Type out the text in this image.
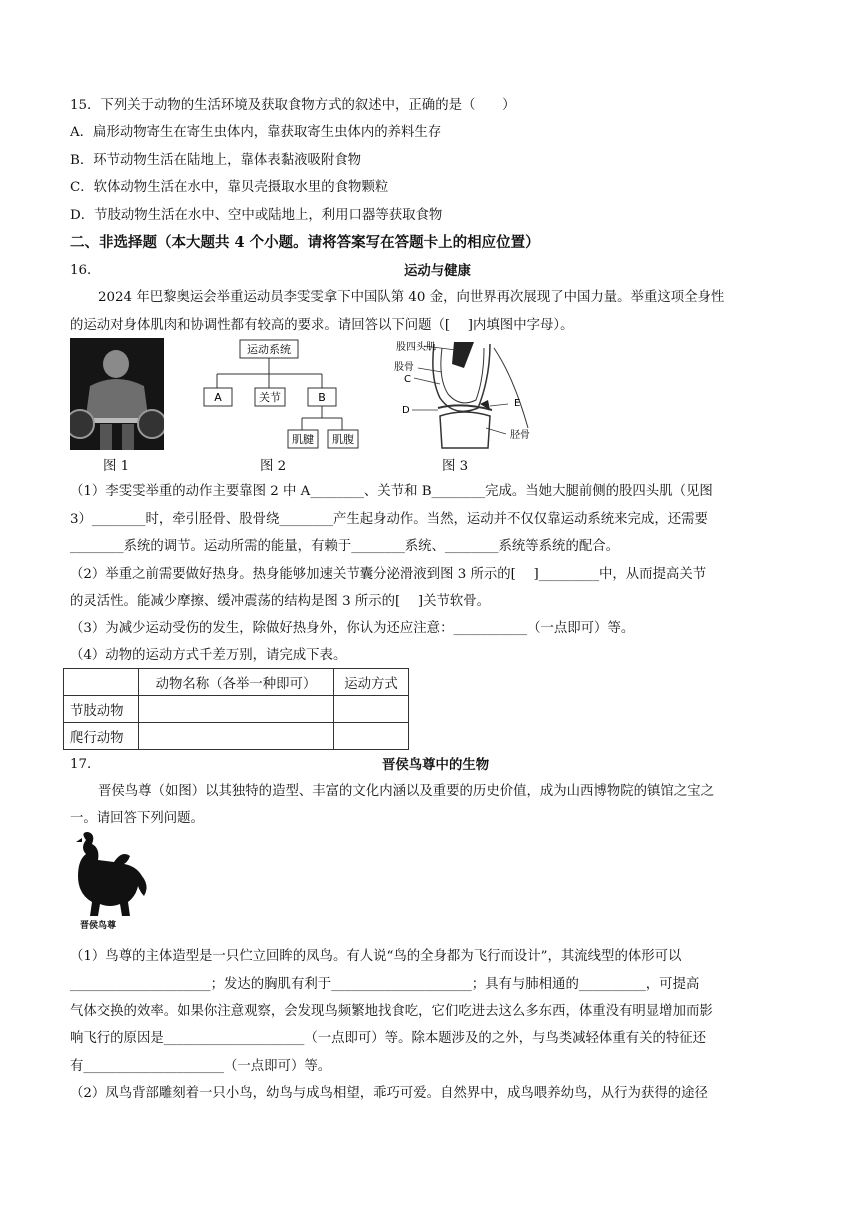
15．下列关于动物的生活环境及获取食物方式的叙述中，正确的是（　　）
A．扁形动物寄生在寄生虫体内，靠获取寄生虫体内的养料生存
B．环节动物生活在陆地上，靠体表黏液吸附食物
C．软体动物生活在水中，靠贝壳摄取水里的食物颗粒
D．节肢动物生活在水中、空中或陆地上，利用口器等获取食物
二、非选择题（本大题共 4 个小题。请将答案写在答题卡上的相应位置）
16．	运动与健康
2024 年巴黎奥运会举重运动员李雯雯拿下中国队第 40 金，向世界再次展现了中国力量。举重这项全身性
的运动对身体肌肉和协调性都有较高的要求。请回答以下问题（[　 ]内填图中字母）。
运动系统
A	关节	B
肌腱 肌腹
股四头肌
股骨
C
D
E
胫骨
图 1	图 2	图 3
（1）李雯雯举重的动作主要靠图 2 中 A________、关节和 B________完成。当她大腿前侧的股四头肌（见图
3）________时，牵引胫骨、股骨绕________产生起身动作。当然，运动并不仅仅靠运动系统来完成，还需要
________系统的调节。运动所需的能量，有赖于________系统、________系统等系统的配合。
（2）举重之前需要做好热身。热身能够加速关节囊分泌滑液到图 3 所示的[　 ]_________中，从而提高关节
的灵活性。能减少摩擦、缓冲震荡的结构是图 3 所示的[　 ]关节软骨。
（3）为减少运动受伤的发生，除做好热身外，你认为还应注意：___________（一点即可）等。
（4）动物的运动方式千差万别，请完成下表。
	动物名称（各举一种即可）	运动方式
节肢动物		
爬行动物		
17．	晋侯鸟尊中的生物
晋侯鸟尊（如图）以其独特的造型、丰富的文化内涵以及重要的历史价值，成为山西博物院的镇馆之宝之
一。请回答下列问题。
晋侯鸟尊
（1）鸟尊的主体造型是一只伫立回眸的凤鸟。有人说“鸟的全身都为飞行而设计”，其流线型的体形可以
_____________________；发达的胸肌有利于_____________________；具有与肺相通的__________，可提高
气体交换的效率。如果你注意观察，会发现鸟频繁地找食吃，它们吃进去这么多东西，体重没有明显增加而影
响飞行的原因是_____________________（一点即可）等。除本题涉及的之外，与鸟类减轻体重有关的特征还
有_____________________（一点即可）等。
（2）凤鸟背部雕刻着一只小鸟，幼鸟与成鸟相望，乖巧可爱。自然界中，成鸟喂养幼鸟，从行为获得的途径
